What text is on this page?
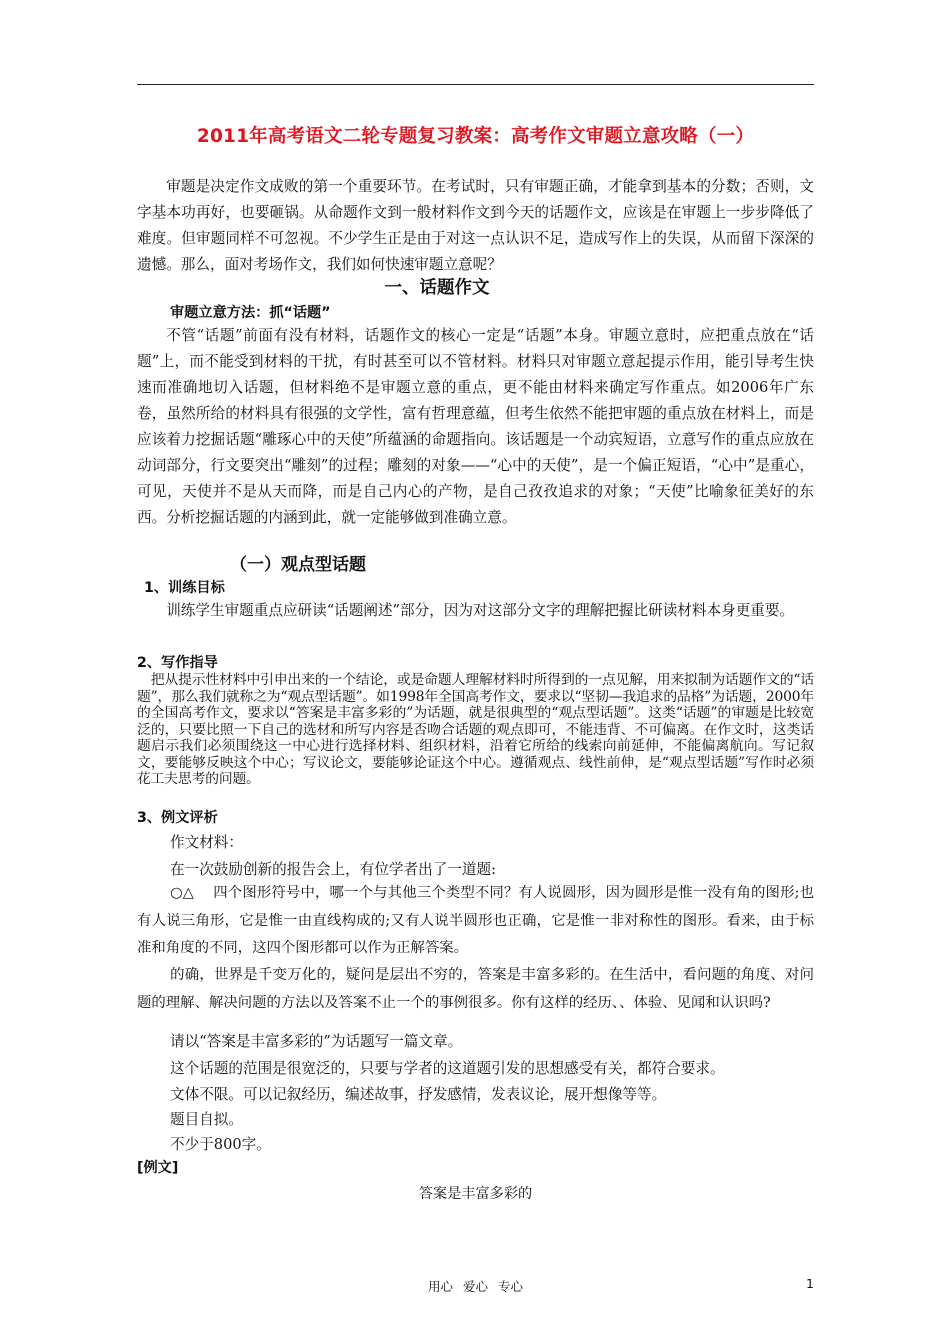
2011年高考语文二轮专题复习教案：高考作文审题立意攻略（一）

审题是决定作文成败的第一个重要环节。在考试时，只有审题正确，才能拿到基本的分数；否则，文字基本功再好，也要砸锅。从命题作文到一般材料作文到今天的话题作文，应该是在审题上一步步降低了难度。但审题同样不可忽视。不少学生正是由于对这一点认识不足，造成写作上的失误，从而留下深深的遗憾。那么，面对考场作文，我们如何快速审题立意呢？

一、话题作文
审题立意方法：抓“话题”

不管“话题”前面有没有材料，话题作文的核心一定是“话题”本身。审题立意时，应把重点放在“话题”上，而不能受到材料的干扰，有时甚至可以不管材料。材料只对审题立意起提示作用，能引导考生快速而准确地切入话题，但材料绝不是审题立意的重点，更不能由材料来确定写作重点。如2006年广东卷，虽然所给的材料具有很强的文学性，富有哲理意蕴，但考生依然不能把审题的重点放在材料上，而是应该着力挖掘话题“雕琢心中的天使”所蕴涵的命题指向。该话题是一个动宾短语，立意写作的重点应放在动词部分，行文要突出“雕刻”的过程；雕刻的对象——“心中的天使”，是一个偏正短语，“心中”是重心，可见，天使并不是从天而降，而是自己内心的产物，是自己孜孜追求的对象；“天使”比喻象征美好的东西。分析挖掘话题的内涵到此，就一定能够做到准确立意。

（一）观点型话题
1、训练目标

训练学生审题重点应研读“话题阐述”部分，因为对这部分文字的理解把握比研读材料本身更重要。

2、写作指导

把从提示性材料中引申出来的一个结论，或是命题人理解材料时所得到的一点见解，用来拟制为话题作文的“话题”，那么我们就称之为“观点型话题”。如1998年全国高考作文，要求以“坚韧—我追求的品格”为话题，2000年的全国高考作文，要求以“答案是丰富多彩的”为话题，就是很典型的“观点型话题”。这类“话题”的审题是比较宽泛的，只要比照一下自己的选材和所写内容是否吻合话题的观点即可，不能违背、不可偏离。在作文时，这类话题启示我们必须围绕这一中心进行选择材料、组织材料，沿着它所给的线索向前延伸，不能偏离航向。写记叙文，要能够反映这个中心；写议论文，要能够论证这个中心。遵循观点、线性前伸，是“观点型话题”写作时必须花工夫思考的问题。

3、例文评析
作文材料：
在一次鼓励创新的报告会上，有位学者出了一道题:

○△　 四个图形符号中，哪一个与其他三个类型不同？有人说圆形，因为圆形是惟一没有角的图形;也有人说三角形，它是惟一由直线构成的;又有人说半圆形也正确，它是惟一非对称性的图形。看来，由于标准和角度的不同，这四个图形都可以作为正解答案。

的确，世界是千变万化的，疑问是层出不穷的，答案是丰富多彩的。在生活中，看问题的角度、对问题的理解、解决问题的方法以及答案不止一个的事例很多。你有这样的经历、、体验、见闻和认识吗?

请以“答案是丰富多彩的”为话题写一篇文章。
这个话题的范围是很宽泛的，只要与学者的这道题引发的思想感受有关，都符合要求。
文体不限。可以记叙经历，编述故事，抒发感情，发表议论，展开想像等等。
题目自拟。
不少于800字。
[例文]
答案是丰富多彩的
用心 爱心 专心	1
